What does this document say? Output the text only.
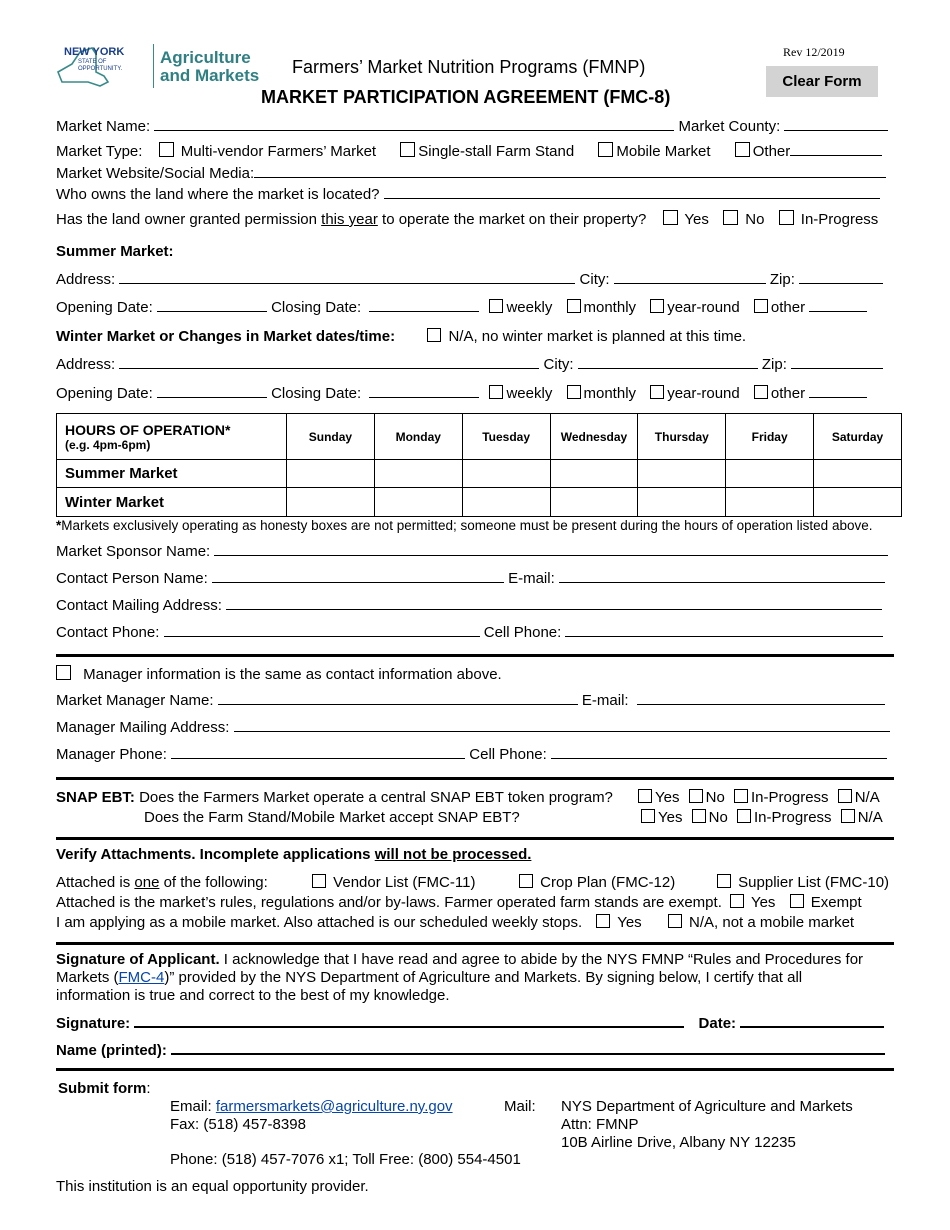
NEW YORK
STATE OF
OPPORTUNITY.
Agriculture
and Markets Farmers’ Market Nutrition Programs (FMNP)
MARKET PARTICIPATION AGREEMENT (FMC-8)
Rev 12/2019
Clear Form
Market Name:	Market County:
Market Type:	Multi-vendor Farmers’ Market	Single-stall Farm Stand	Mobile Market	Other
Market Website/Social Media:
Who owns the land where the market is located?
Has the land owner granted permission this year to operate the market on their property?	Yes No In-Progress
Summer Market:
Address:	City:	Zip:
Opening Date:	Closing Date:	weekly monthly year-round other
Winter Market or Changes in Market dates/time:	N/A, no winter market is planned at this time.
Address:	City:	Zip:
Opening Date:	Closing Date:	weekly monthly year-round other
HOURS OF OPERATION*
(e.g. 4pm-6pm)	Sunday	Monday	Tuesday	Wednesday	Thursday	Friday	Saturday
Summer Market							
Winter Market							
*Markets exclusively operating as honesty boxes are not permitted; someone must be present during the hours of operation listed above.
Market Sponsor Name:
Contact Person Name:	E-mail:
Contact Mailing Address:
Contact Phone:	Cell Phone:
Manager information is the same as contact information above.
Market Manager Name:	E-mail:
Manager Mailing Address:
Manager Phone:	Cell Phone:
SNAP EBT: Does the Farmers Market operate a central SNAP EBT token program?	Yes No In-Progress N/A
Does the Farm Stand/Mobile Market accept SNAP EBT?	Yes No In-Progress N/A
Verify Attachments. Incomplete applications will not be processed.
Attached is one of the following:	Vendor List (FMC-11)	Crop Plan (FMC-12)	Supplier List (FMC-10)
Attached is the market’s rules, regulations and/or by-laws. Farmer operated farm stands are exempt. Yes Exempt
I am applying as a mobile market. Also attached is our scheduled weekly stops. Yes	N/A, not a mobile market
Signature of Applicant. I acknowledge that I have read and agree to abide by the NYS FMNP “Rules and Procedures for
Markets (FMC-4)” provided by the NYS Department of Agriculture and Markets. By signing below, I certify that all
information is true and correct to the best of my knowledge.
Signature:	Date:
Name (printed):
Submit form:
Email: farmersmarkets@agriculture.ny.gov
Fax: (518) 457-8398
Phone: (518) 457-7076 x1; Toll Free: (800) 554-4501
Mail: NYS Department of Agriculture and Markets
Attn: FMNP
10B Airline Drive, Albany NY 12235
This institution is an equal opportunity provider.
